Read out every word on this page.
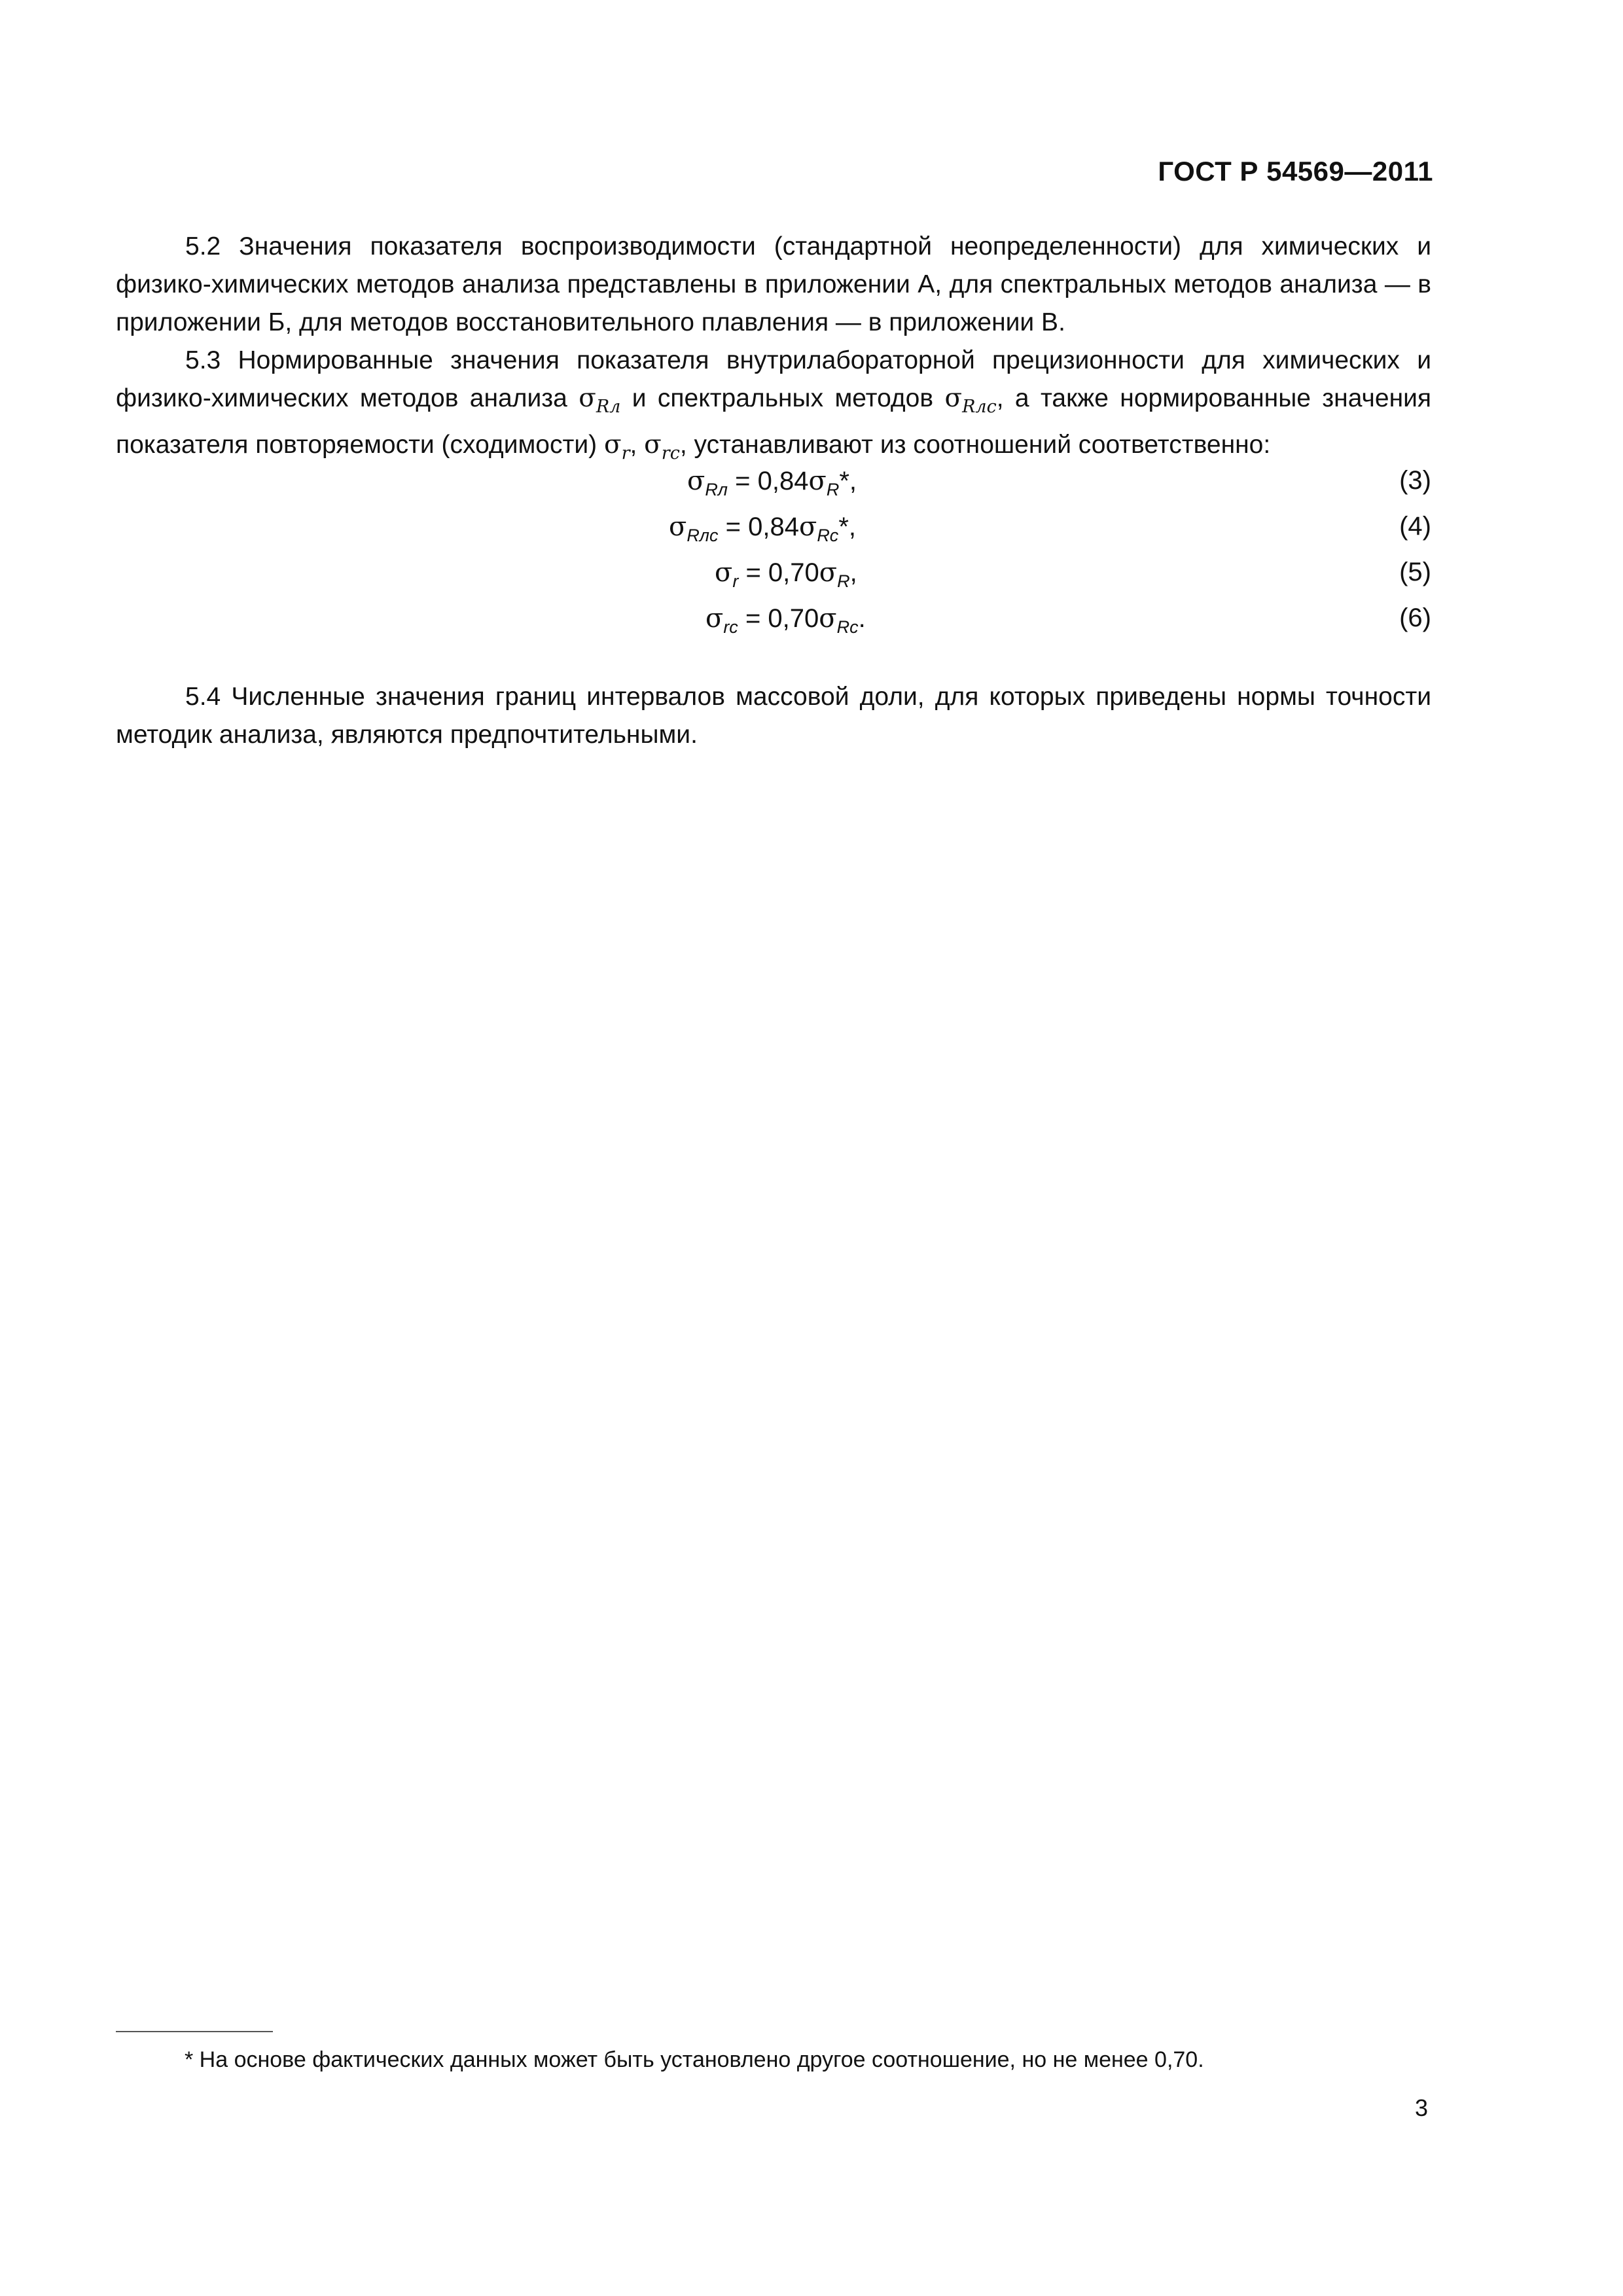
ГОСТ Р 54569—2011

5.2 Значения показателя воспроизводимости (стандартной неопределенности) для химических и физико-химических методов анализа представлены в приложении А, для спектральных методов анализа — в приложении Б, для методов восстановительного плавления — в приложении В.

5.3 Нормированные значения показателя внутрилабораторной прецизионности для химических и физико-химических методов анализа $\sigma_{Rл}$ и спектральных методов $\sigma_{Rлс}$, а также нормированные значения показателя повторяемости (сходимости) $\sigma_r$, $\sigma_{rc}$, устанавливают из соотношений соответственно:

$\sigma_{Rл} = 0,84\sigma_R*$,	(3)
$\sigma_{Rлс} = 0,84\sigma_{Rc}*$,	(4)
$\sigma_r = 0,70\sigma_R$,	(5)
$\sigma_{rc} = 0,70\sigma_{Rc}$.	(6)

5.4 Численные значения границ интервалов массовой доли, для которых приведены нормы точности методик анализа, являются предпочтительными.

* На основе фактических данных может быть установлено другое соотношение, но не менее 0,70.
3
